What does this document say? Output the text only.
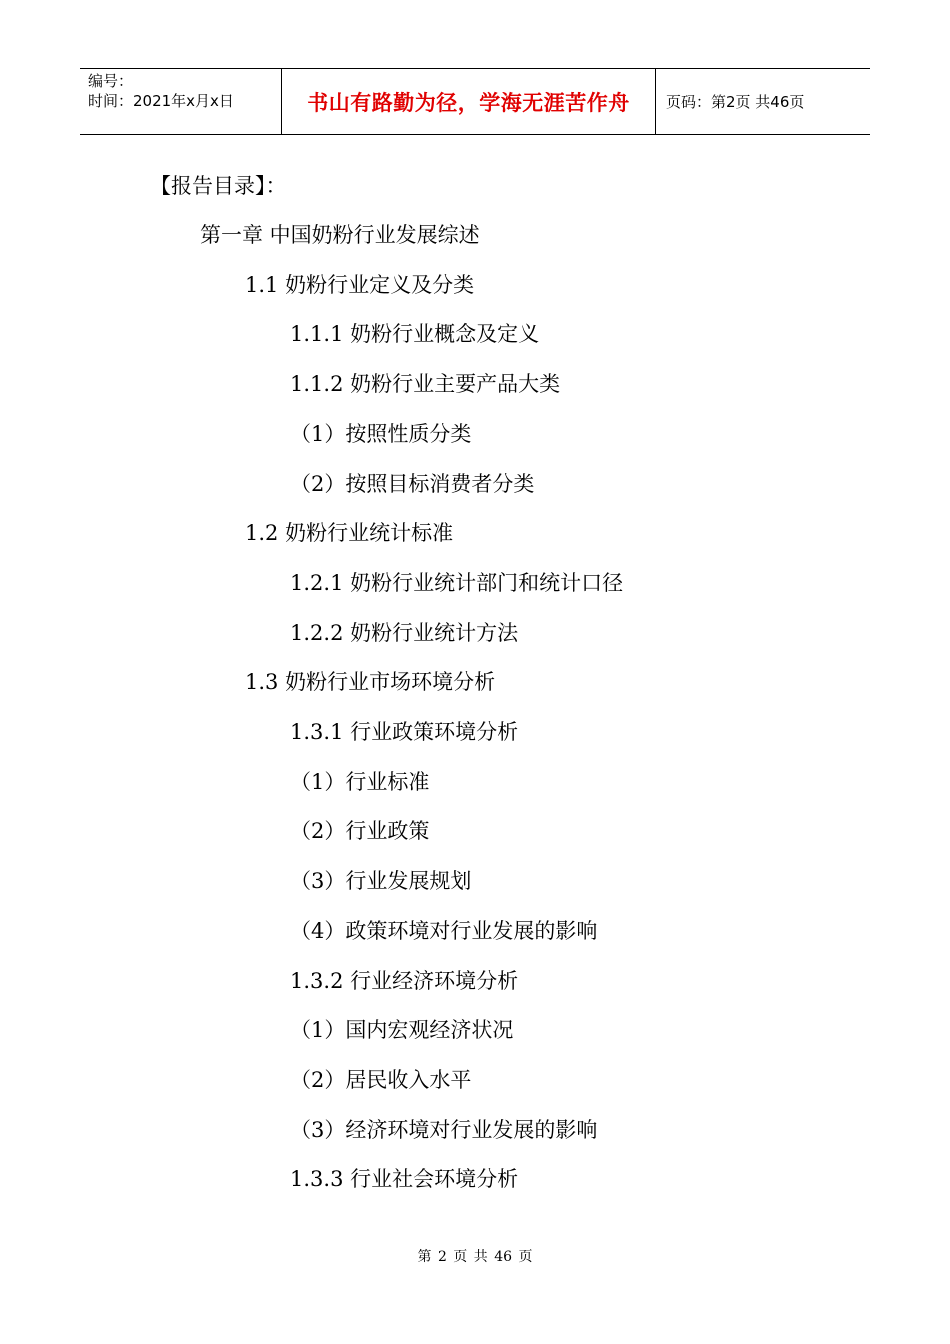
编号：
时间：2021年x月x日	书山有路勤为径，学海无涯苦作舟	页码：第2页 共46页
【报告目录】：
第一章 中国奶粉行业发展综述
1.1 奶粉行业定义及分类
1.1.1 奶粉行业概念及定义
1.1.2 奶粉行业主要产品大类
（1）按照性质分类
（2）按照目标消费者分类
1.2 奶粉行业统计标准
1.2.1 奶粉行业统计部门和统计口径
1.2.2 奶粉行业统计方法
1.3 奶粉行业市场环境分析
1.3.1 行业政策环境分析
（1）行业标准
（2）行业政策
（3）行业发展规划
（4）政策环境对行业发展的影响
1.3.2 行业经济环境分析
（1）国内宏观经济状况
（2）居民收入水平
（3）经济环境对行业发展的影响
1.3.3 行业社会环境分析
第 2 页 共 46 页
